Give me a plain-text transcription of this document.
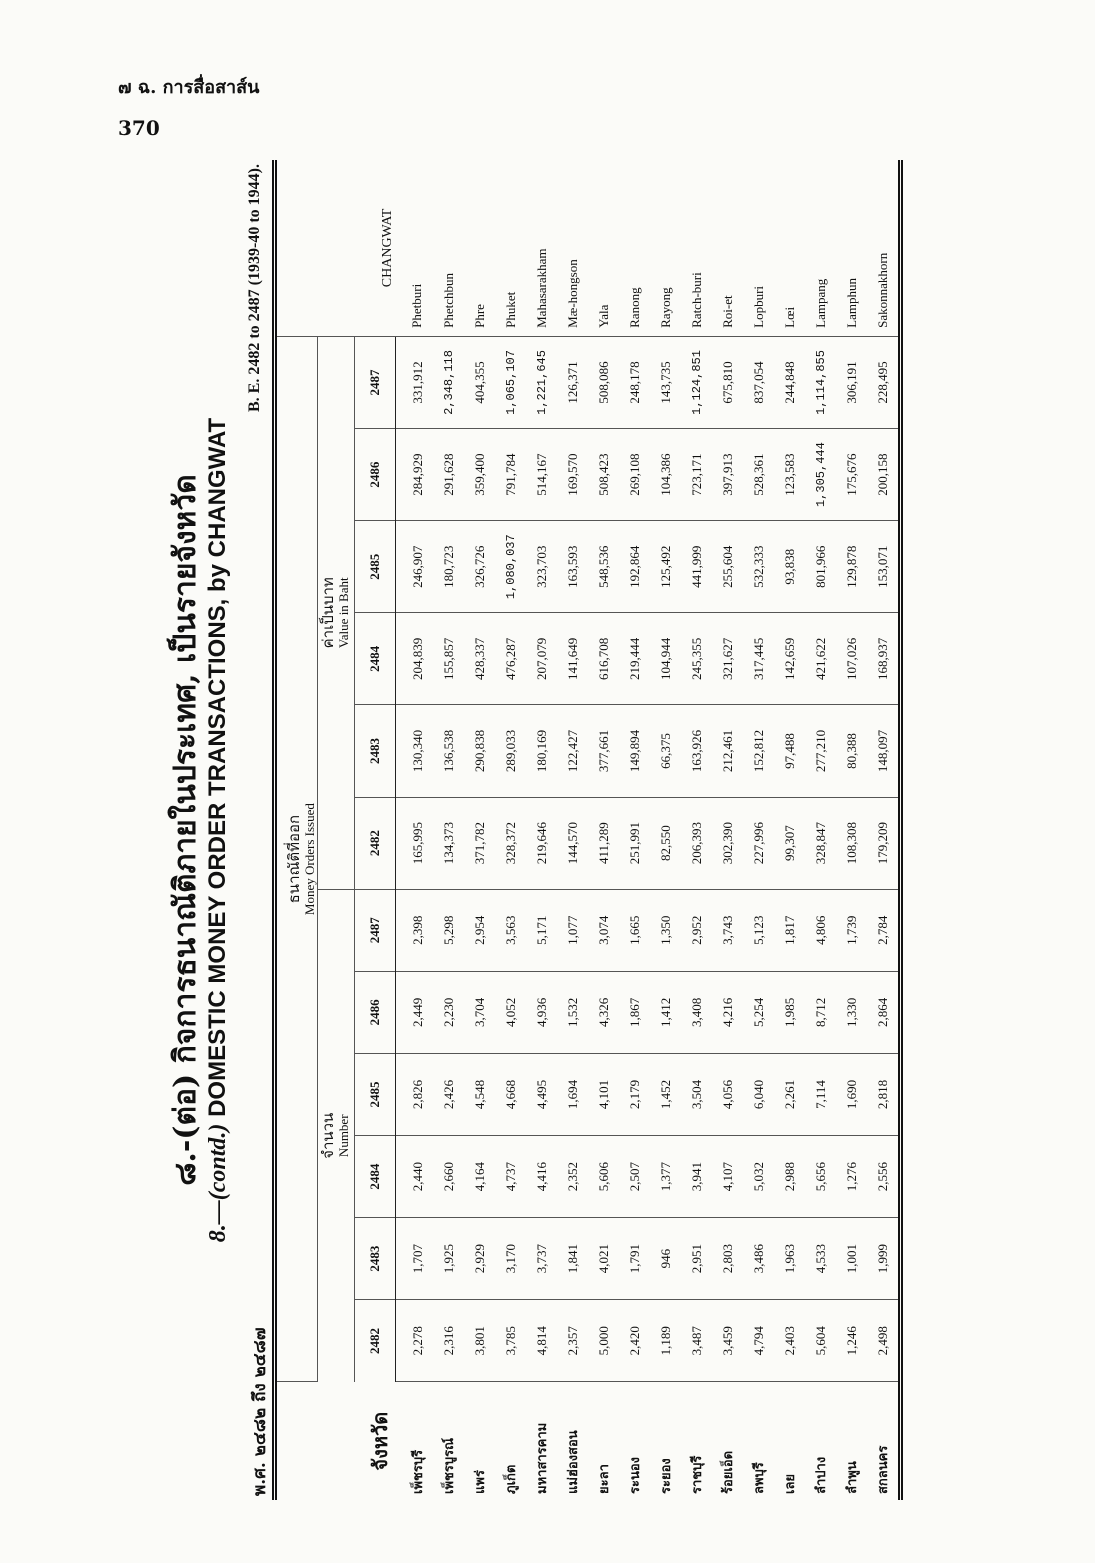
๗ ฉ. การสื่อสาส์น
370
๘.-(ต่อ) กิจการธนาณัติภายในประเทศ, เป็นรายจังหวัด 8.—(contd.) DOMESTIC MONEY ORDER TRANSACTIONS, by CHANGWAT
พ.ศ. ๒๔๘๒ ถึง ๒๔๘๗
B. E. 2482 to 2487 (1939-40 to 1944).
จังหวัด	ธนาณัติที่ออก Money Orders Issued												CHANGWAT

	จำนวน Number						ค่าเป็นบาท Value in Baht						
	2482	2483	2484	2485	2486	2487	2482	2483	2484	2485	2486	2487	
เพ็ชรบุรี	2,278	1,707	2,440	2,826	2,449	2,398	165,995	130,340	204,839	246,907	284,929	331,912	Phetburi
เพ็ชรบูรณ์	2,316	1,925	2,660	2,426	2,230	5,298	134,373	136,538	155,857	180,723	291,628	2,348,118	Phetchbun
แพร่	3,801	2,929	4,164	4,548	3,704	2,954	371,782	290,838	428,337	326,726	359,400	404,355	Phre
ภูเก็ต	3,785	3,170	4,737	4,668	4,052	3,563	328,372	289,033	476,287	1,080,037	791,784	1,065,107	Phuket
มหาสารคาม	4,814	3,737	4,416	4,495	4,936	5,171	219,646	180,169	207,079	323,703	514,167	1,221,645	Mahasarakham
แม่ฮ่องสอน	2,357	1,841	2,352	1,694	1,532	1,077	144,570	122,427	141,649	163,593	169,570	126,371	Mæ-hongson
ยะลา	5,000	4,021	5,606	4,101	4,326	3,074	411,289	377,661	616,708	548,536	508,423	508,086	Yala
ระนอง	2,420	1,791	2,507	2,179	1,867	1,665	251,991	149,894	219,444	192,864	269,108	248,178	Ranong
ระยอง	1,189	946	1,377	1,452	1,412	1,350	82,550	66,375	104,944	125,492	104,386	143,735	Rayong
ราชบุรี	3,487	2,951	3,941	3,504	3,408	2,952	206,393	163,926	245,355	441,999	723,171	1,124,851	Ratch-buri
ร้อยเอ็ด	3,459	2,803	4,107	4,056	4,216	3,743	302,390	212,461	321,627	255,604	397,913	675,810	Roi-et
ลพบุรี	4,794	3,486	5,032	6,040	5,254	5,123	227,996	152,812	317,445	532,333	528,361	837,054	Lopburi
เลย	2,403	1,963	2,988	2,261	1,985	1,817	99,307	97,488	142,659	93,838	123,583	244,848	Lœi
ลำปาง	5,604	4,533	5,656	7,114	8,712	4,806	328,847	277,210	421,622	801,966	1,305,444	1,114,855	Lampang
ลำพูน	1,246	1,001	1,276	1,690	1,330	1,739	108,308	80,388	107,026	129,878	175,676	306,191	Lamphun
สกลนคร	2,498	1,999	2,556	2,818	2,864	2,784	179,209	148,097	168,937	153,071	200,158	228,495	Sakonnakhorn
